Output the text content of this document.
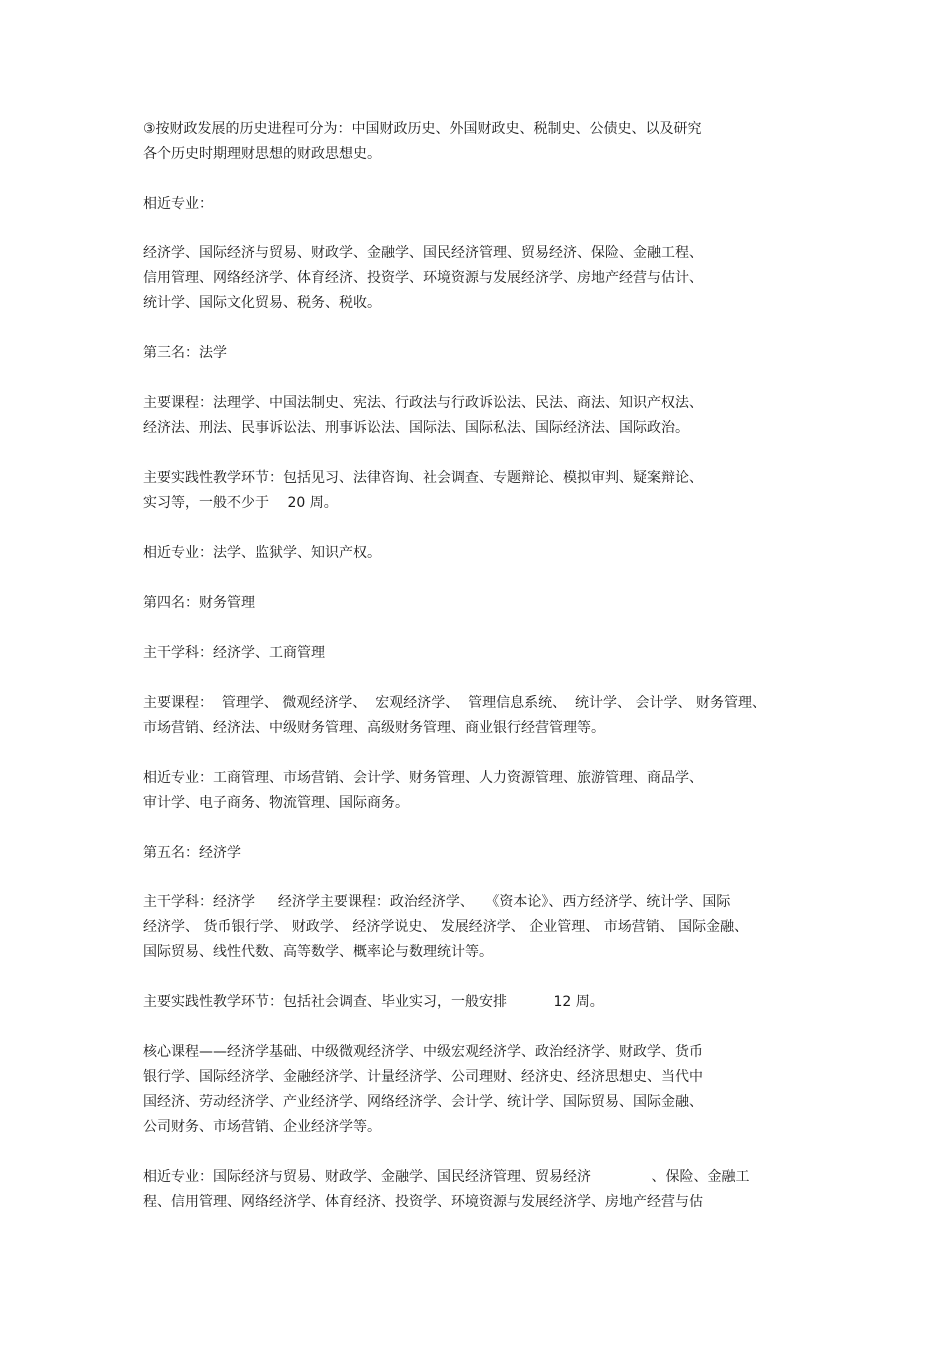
③按财政发展的历史进程可分为：中国财政历史、外国财政史、税制史、公债史、以及研究
各个历史时期理财思想的财政思想史。
相近专业：
经济学、国际经济与贸易、财政学、金融学、国民经济管理、贸易经济、保险、金融工程、
信用管理、网络经济学、体育经济、投资学、环境资源与发展经济学、房地产经营与估计、
统计学、国际文化贸易、税务、税收。
第三名：法学
主要课程：法理学、中国法制史、宪法、行政法与行政诉讼法、民法、商法、知识产权法、
经济法、刑法、民事诉讼法、刑事诉讼法、国际法、国际私法、国际经济法、国际政治。
主要实践性教学环节：包括见习、法律咨询、社会调查、专题辩论、模拟审判、疑案辩论、
实习等，一般不少于　 20 周。
相近专业：法学、监狱学、知识产权。
第四名：财务管理
主干学科：经济学、工商管理
主要课程：  管理学、 微观经济学、  宏观经济学、  管理信息系统、  统计学、 会计学、 财务管理、
市场营销、经济法、中级财务管理、高级财务管理、商业银行经营管理等。
相近专业：工商管理、市场营销、会计学、财务管理、人力资源管理、旅游管理、商品学、
审计学、电子商务、物流管理、国际商务。
第五名：经济学
主干学科：经济学　  经济学主要课程：政治经济学、　 《资本论》、西方经济学、统计学、国际
经济学、 货币银行学、 财政学、 经济学说史、 发展经济学、 企业管理、 市场营销、 国际金融、
国际贸易、线性代数、高等数学、概率论与数理统计等。
主要实践性教学环节：包括社会调查、毕业实习，一般安排　　　 12 周。
核心课程——经济学基础、中级微观经济学、中级宏观经济学、政治经济学、财政学、货币
银行学、国际经济学、金融经济学、计量经济学、公司理财、经济史、经济思想史、当代中
国经济、劳动经济学、产业经济学、网络经济学、会计学、统计学、国际贸易、国际金融、
公司财务、市场营销、企业经济学等。
相近专业：国际经济与贸易、财政学、金融学、国民经济管理、贸易经济　　　　 、保险、金融工
程、信用管理、网络经济学、体育经济、投资学、环境资源与发展经济学、房地产经营与估
